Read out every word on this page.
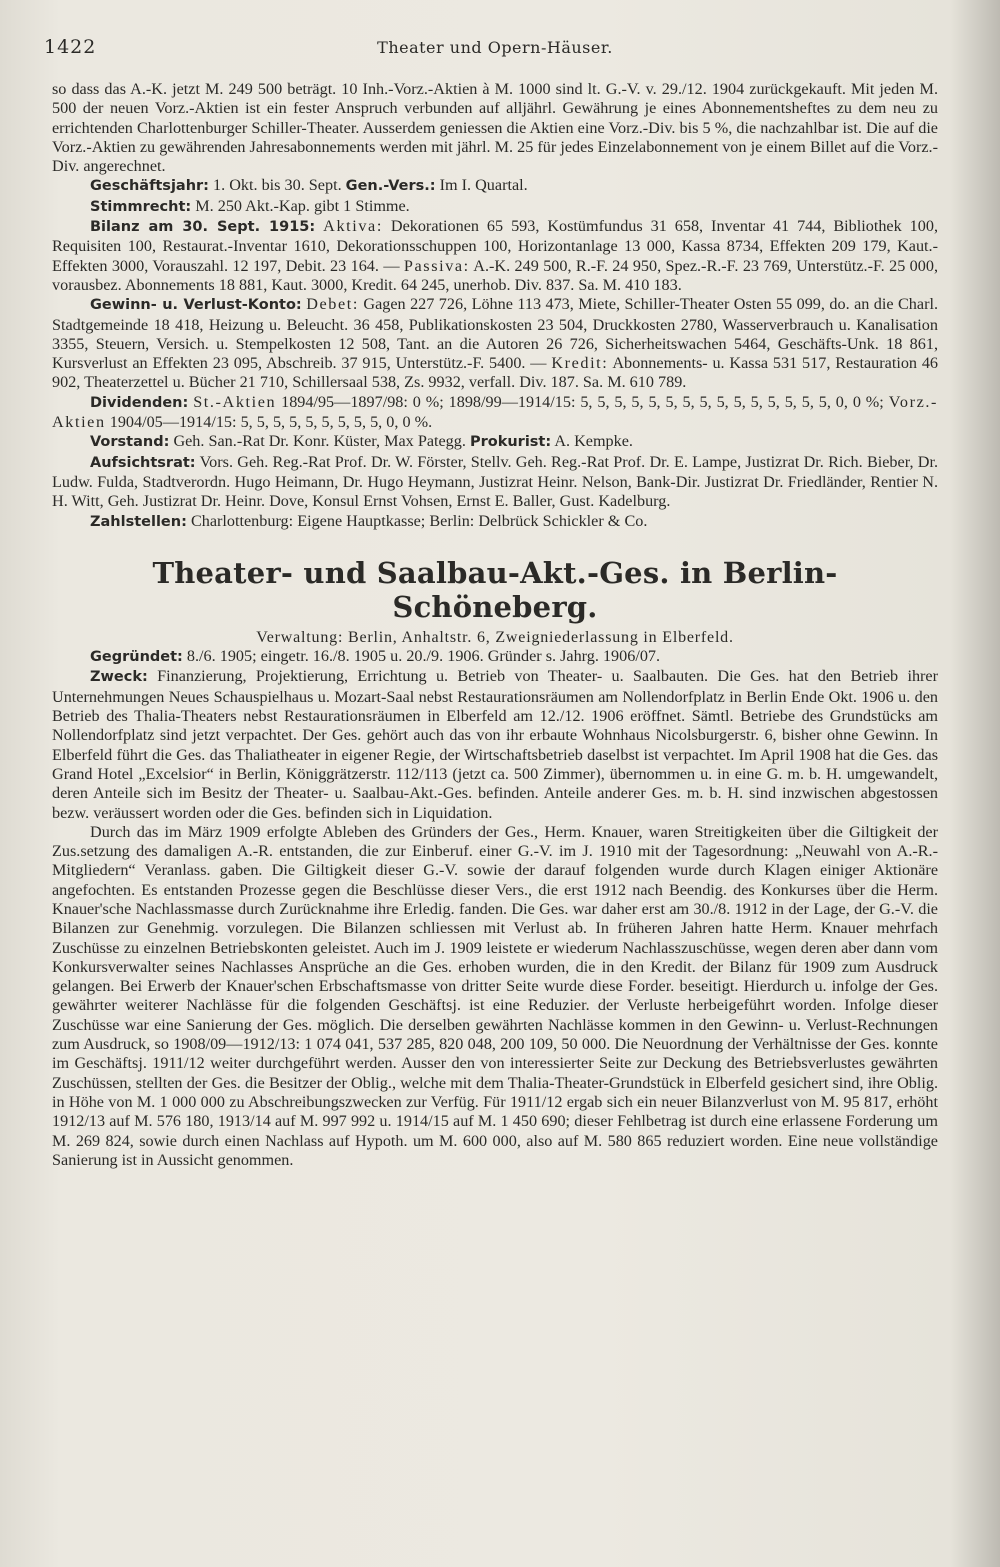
1422	Theater und Opern-Häuser.

so dass das A.-K. jetzt M. 249 500 beträgt. 10 Inh.-Vorz.-Aktien à M. 1000 sind lt. G.-V. v. 29./12. 1904 zurückgekauft. Mit jeden M. 500 der neuen Vorz.-Aktien ist ein fester Anspruch verbunden auf alljährl. Gewährung je eines Abonnementsheftes zu dem neu zu errichtenden Charlottenburger Schiller-Theater. Ausserdem geniessen die Aktien eine Vorz.-Div. bis 5 %, die nachzahlbar ist. Die auf die Vorz.-Aktien zu gewährenden Jahresabonnements werden mit jährl. M. 25 für jedes Einzelabonnement von je einem Billet auf die Vorz.-Div. angerechnet.

Geschäftsjahr: 1. Okt. bis 30. Sept. Gen.-Vers.: Im I. Quartal.

Stimmrecht: M. 250 Akt.-Kap. gibt 1 Stimme.

Bilanz am 30. Sept. 1915: Aktiva: Dekorationen 65 593, Kostümfundus 31 658, Inventar 41 744, Bibliothek 100, Requisiten 100, Restaurat.-Inventar 1610, Dekorationsschuppen 100, Horizontanlage 13 000, Kassa 8734, Effekten 209 179, Kaut.-Effekten 3000, Vorauszahl. 12 197, Debit. 23 164. — Passiva: A.-K. 249 500, R.-F. 24 950, Spez.-R.-F. 23 769, Unterstütz.-F. 25 000, vorausbez. Abonnements 18 881, Kaut. 3000, Kredit. 64 245, unerhob. Div. 837. Sa. M. 410 183.

Gewinn- u. Verlust-Konto: Debet: Gagen 227 726, Löhne 113 473, Miete, Schiller-Theater Osten 55 099, do. an die Charl. Stadtgemeinde 18 418, Heizung u. Beleucht. 36 458, Publikationskosten 23 504, Druckkosten 2780, Wasserverbrauch u. Kanalisation 3355, Steuern, Versich. u. Stempelkosten 12 508, Tant. an die Autoren 26 726, Sicherheitswachen 5464, Geschäfts-Unk. 18 861, Kursverlust an Effekten 23 095, Abschreib. 37 915, Unterstütz.-F. 5400. — Kredit: Abonnements- u. Kassa 531 517, Restauration 46 902, Theaterzettel u. Bücher 21 710, Schillersaal 538, Zs. 9932, verfall. Div. 187. Sa. M. 610 789.

Dividenden: St.-Aktien 1894/95—1897/98: 0 %; 1898/99—1914/15: 5, 5, 5, 5, 5, 5, 5, 5, 5, 5, 5, 5, 5, 5, 5, 0, 0 %; Vorz.-Aktien 1904/05—1914/15: 5, 5, 5, 5, 5, 5, 5, 5, 5, 0, 0 %.

Vorstand: Geh. San.-Rat Dr. Konr. Küster, Max Pategg. Prokurist: A. Kempke.

Aufsichtsrat: Vors. Geh. Reg.-Rat Prof. Dr. W. Förster, Stellv. Geh. Reg.-Rat Prof. Dr. E. Lampe, Justizrat Dr. Rich. Bieber, Dr. Ludw. Fulda, Stadtverordn. Hugo Heimann, Dr. Hugo Heymann, Justizrat Heinr. Nelson, Bank-Dir. Justizrat Dr. Friedländer, Rentier N. H. Witt, Geh. Justizrat Dr. Heinr. Dove, Konsul Ernst Vohsen, Ernst E. Baller, Gust. Kadelburg.

Zahlstellen: Charlottenburg: Eigene Hauptkasse; Berlin: Delbrück Schickler & Co.

Theater- und Saalbau-Akt.-Ges. in Berlin-Schöneberg.
Verwaltung: Berlin, Anhaltstr. 6, Zweigniederlassung in Elberfeld.

Gegründet: 8./6. 1905; eingetr. 16./8. 1905 u. 20./9. 1906. Gründer s. Jahrg. 1906/07.

Zweck: Finanzierung, Projektierung, Errichtung u. Betrieb von Theater- u. Saalbauten. Die Ges. hat den Betrieb ihrer Unternehmungen Neues Schauspielhaus u. Mozart-Saal nebst Restaurationsräumen am Nollendorfplatz in Berlin Ende Okt. 1906 u. den Betrieb des Thalia-Theaters nebst Restaurationsräumen in Elberfeld am 12./12. 1906 eröffnet. Sämtl. Betriebe des Grundstücks am Nollendorfplatz sind jetzt verpachtet. Der Ges. gehört auch das von ihr erbaute Wohnhaus Nicolsburgerstr. 6, bisher ohne Gewinn. In Elberfeld führt die Ges. das Thaliatheater in eigener Regie, der Wirtschaftsbetrieb daselbst ist verpachtet. Im April 1908 hat die Ges. das Grand Hotel „Excelsior“ in Berlin, Königgrätzerstr. 112/113 (jetzt ca. 500 Zimmer), übernommen u. in eine G. m. b. H. umgewandelt, deren Anteile sich im Besitz der Theater- u. Saalbau-Akt.-Ges. befinden. Anteile anderer Ges. m. b. H. sind inzwischen abgestossen bezw. veräussert worden oder die Ges. befinden sich in Liquidation.

Durch das im März 1909 erfolgte Ableben des Gründers der Ges., Herm. Knauer, waren Streitigkeiten über die Giltigkeit der Zus.setzung des damaligen A.-R. entstanden, die zur Einberuf. einer G.-V. im J. 1910 mit der Tagesordnung: „Neuwahl von A.-R.-Mitgliedern“ Veranlass. gaben. Die Giltigkeit dieser G.-V. sowie der darauf folgenden wurde durch Klagen einiger Aktionäre angefochten. Es entstanden Prozesse gegen die Beschlüsse dieser Vers., die erst 1912 nach Beendig. des Konkurses über die Herm. Knauer'sche Nachlassmasse durch Zurücknahme ihre Erledig. fanden. Die Ges. war daher erst am 30./8. 1912 in der Lage, der G.-V. die Bilanzen zur Genehmig. vorzulegen. Die Bilanzen schliessen mit Verlust ab. In früheren Jahren hatte Herm. Knauer mehrfach Zuschüsse zu einzelnen Betriebskonten geleistet. Auch im J. 1909 leistete er wiederum Nachlasszuschüsse, wegen deren aber dann vom Konkursverwalter seines Nachlasses Ansprüche an die Ges. erhoben wurden, die in den Kredit. der Bilanz für 1909 zum Ausdruck gelangen. Bei Erwerb der Knauer'schen Erbschaftsmasse von dritter Seite wurde diese Forder. beseitigt. Hierdurch u. infolge der Ges. gewährter weiterer Nachlässe für die folgenden Geschäftsj. ist eine Reduzier. der Verluste herbeigeführt worden. Infolge dieser Zuschüsse war eine Sanierung der Ges. möglich. Die derselben gewährten Nachlässe kommen in den Gewinn- u. Verlust-Rechnungen zum Ausdruck, so 1908/09—1912/13: 1 074 041, 537 285, 820 048, 200 109, 50 000. Die Neuordnung der Verhältnisse der Ges. konnte im Geschäftsj. 1911/12 weiter durchgeführt werden. Ausser den von interessierter Seite zur Deckung des Betriebsverlustes gewährten Zuschüssen, stellten der Ges. die Besitzer der Oblig., welche mit dem Thalia-Theater-Grundstück in Elberfeld gesichert sind, ihre Oblig. in Höhe von M. 1 000 000 zu Abschreibungszwecken zur Verfüg. Für 1911/12 ergab sich ein neuer Bilanzverlust von M. 95 817, erhöht 1912/13 auf M. 576 180, 1913/14 auf M. 997 992 u. 1914/15 auf M. 1 450 690; dieser Fehlbetrag ist durch eine erlassene Forderung um M. 269 824, sowie durch einen Nachlass auf Hypoth. um M. 600 000, also auf M. 580 865 reduziert worden. Eine neue vollständige Sanierung ist in Aussicht genommen.
